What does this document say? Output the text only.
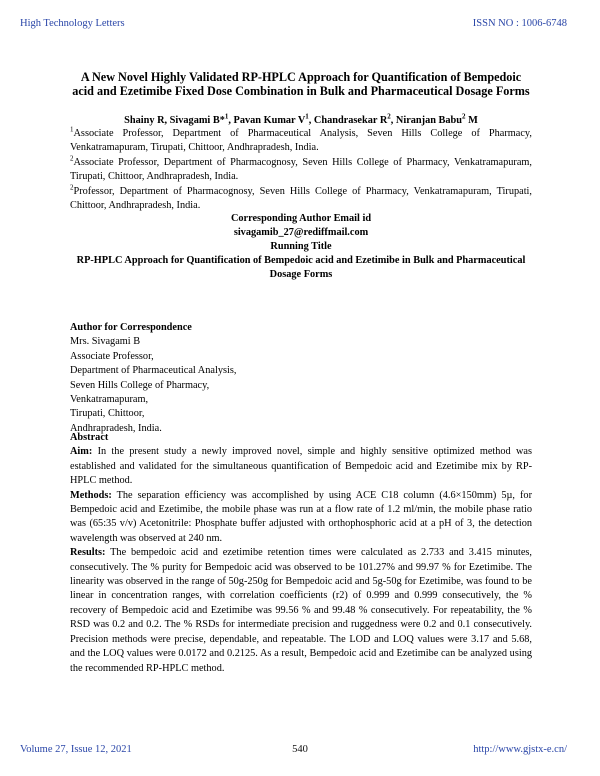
High Technology Letters	ISSN NO : 1006-6748
A New Novel Highly Validated RP-HPLC Approach for Quantification of Bempedoic acid and Ezetimibe Fixed Dose Combination in Bulk and Pharmaceutical Dosage Forms
Shainy R, Sivagami B*$^1$, Pavan Kumar $V^1$, Chandrasekar $R^2$, Niranjan Babu$^2$ M
$^1$Associate Professor, Department of Pharmaceutical Analysis, Seven Hills College of Pharmacy, Venkatramapuram, Tirupati, Chittoor, Andhrapradesh, India.
$^2$Associate Professor, Department of Pharmacognosy, Seven Hills College of Pharmacy, Venkatramapuram, Tirupati, Chittoor, Andhrapradesh, India.
$^2$Professor, Department of Pharmacognosy, Seven Hills College of Pharmacy, Venkatramapuram, Tirupati, Chittoor, Andhrapradesh, India.
Corresponding Author Email id
sivagamib_27@rediffmail.com
Running Title
RP-HPLC Approach for Quantification of Bempedoic acid and Ezetimibe in Bulk and Pharmaceutical Dosage Forms
Author for Correspondence
Mrs. Sivagami B
Associate Professor,
Department of Pharmaceutical Analysis,
Seven Hills College of Pharmacy,
Venkatramapuram,
Tirupati, Chittoor,
Andhrapradesh, India.
Abstract
Aim: In the present study a newly improved novel, simple and highly sensitive optimized method was established and validated for the simultaneous quantification of Bempedoic acid and Ezetimibe mix by RP-HPLC method.
Methods: The separation efficiency was accomplished by using ACE C18 column (4.6×150mm) 5µ, for Bempedoic acid and Ezetimibe, the mobile phase was run at a flow rate of 1.2 ml/min, the mobile phase ratio was (65:35 v/v) Acetonitrile: Phosphate buffer adjusted with orthophosphoric acid at a pH of 3, the detection wavelength was observed at 240 nm.
Results: The bempedoic acid and ezetimibe retention times were calculated as 2.733 and 3.415 minutes, consecutively. The % purity for Bempedoic acid was observed to be 101.27% and 99.97 % for Ezetimibe. The linearity was observed in the range of 50g-250g for Bempedoic acid and 5g-50g for Ezetimibe, was found to be linear in concentration ranges, with correlation coefficients (r2) of 0.999 and 0.999 consecutively, the % recovery of Bempedoic acid and Ezetimibe was 99.56 % and 99.48 % consecutively. For repeatability, the % RSD was 0.2 and 0.2. The % RSDs for intermediate precision and ruggedness were 0.2 and 0.1 consecutively. Precision methods were precise, dependable, and repeatable. The LOD and LOQ values were 3.17 and 5.68, and the LOQ values were 0.0172 and 0.2125. As a result, Bempedoic acid and Ezetimibe can be analyzed using the recommended RP-HPLC method.
Volume 27, Issue 12, 2021	540	http://www.gjstx-e.cn/
